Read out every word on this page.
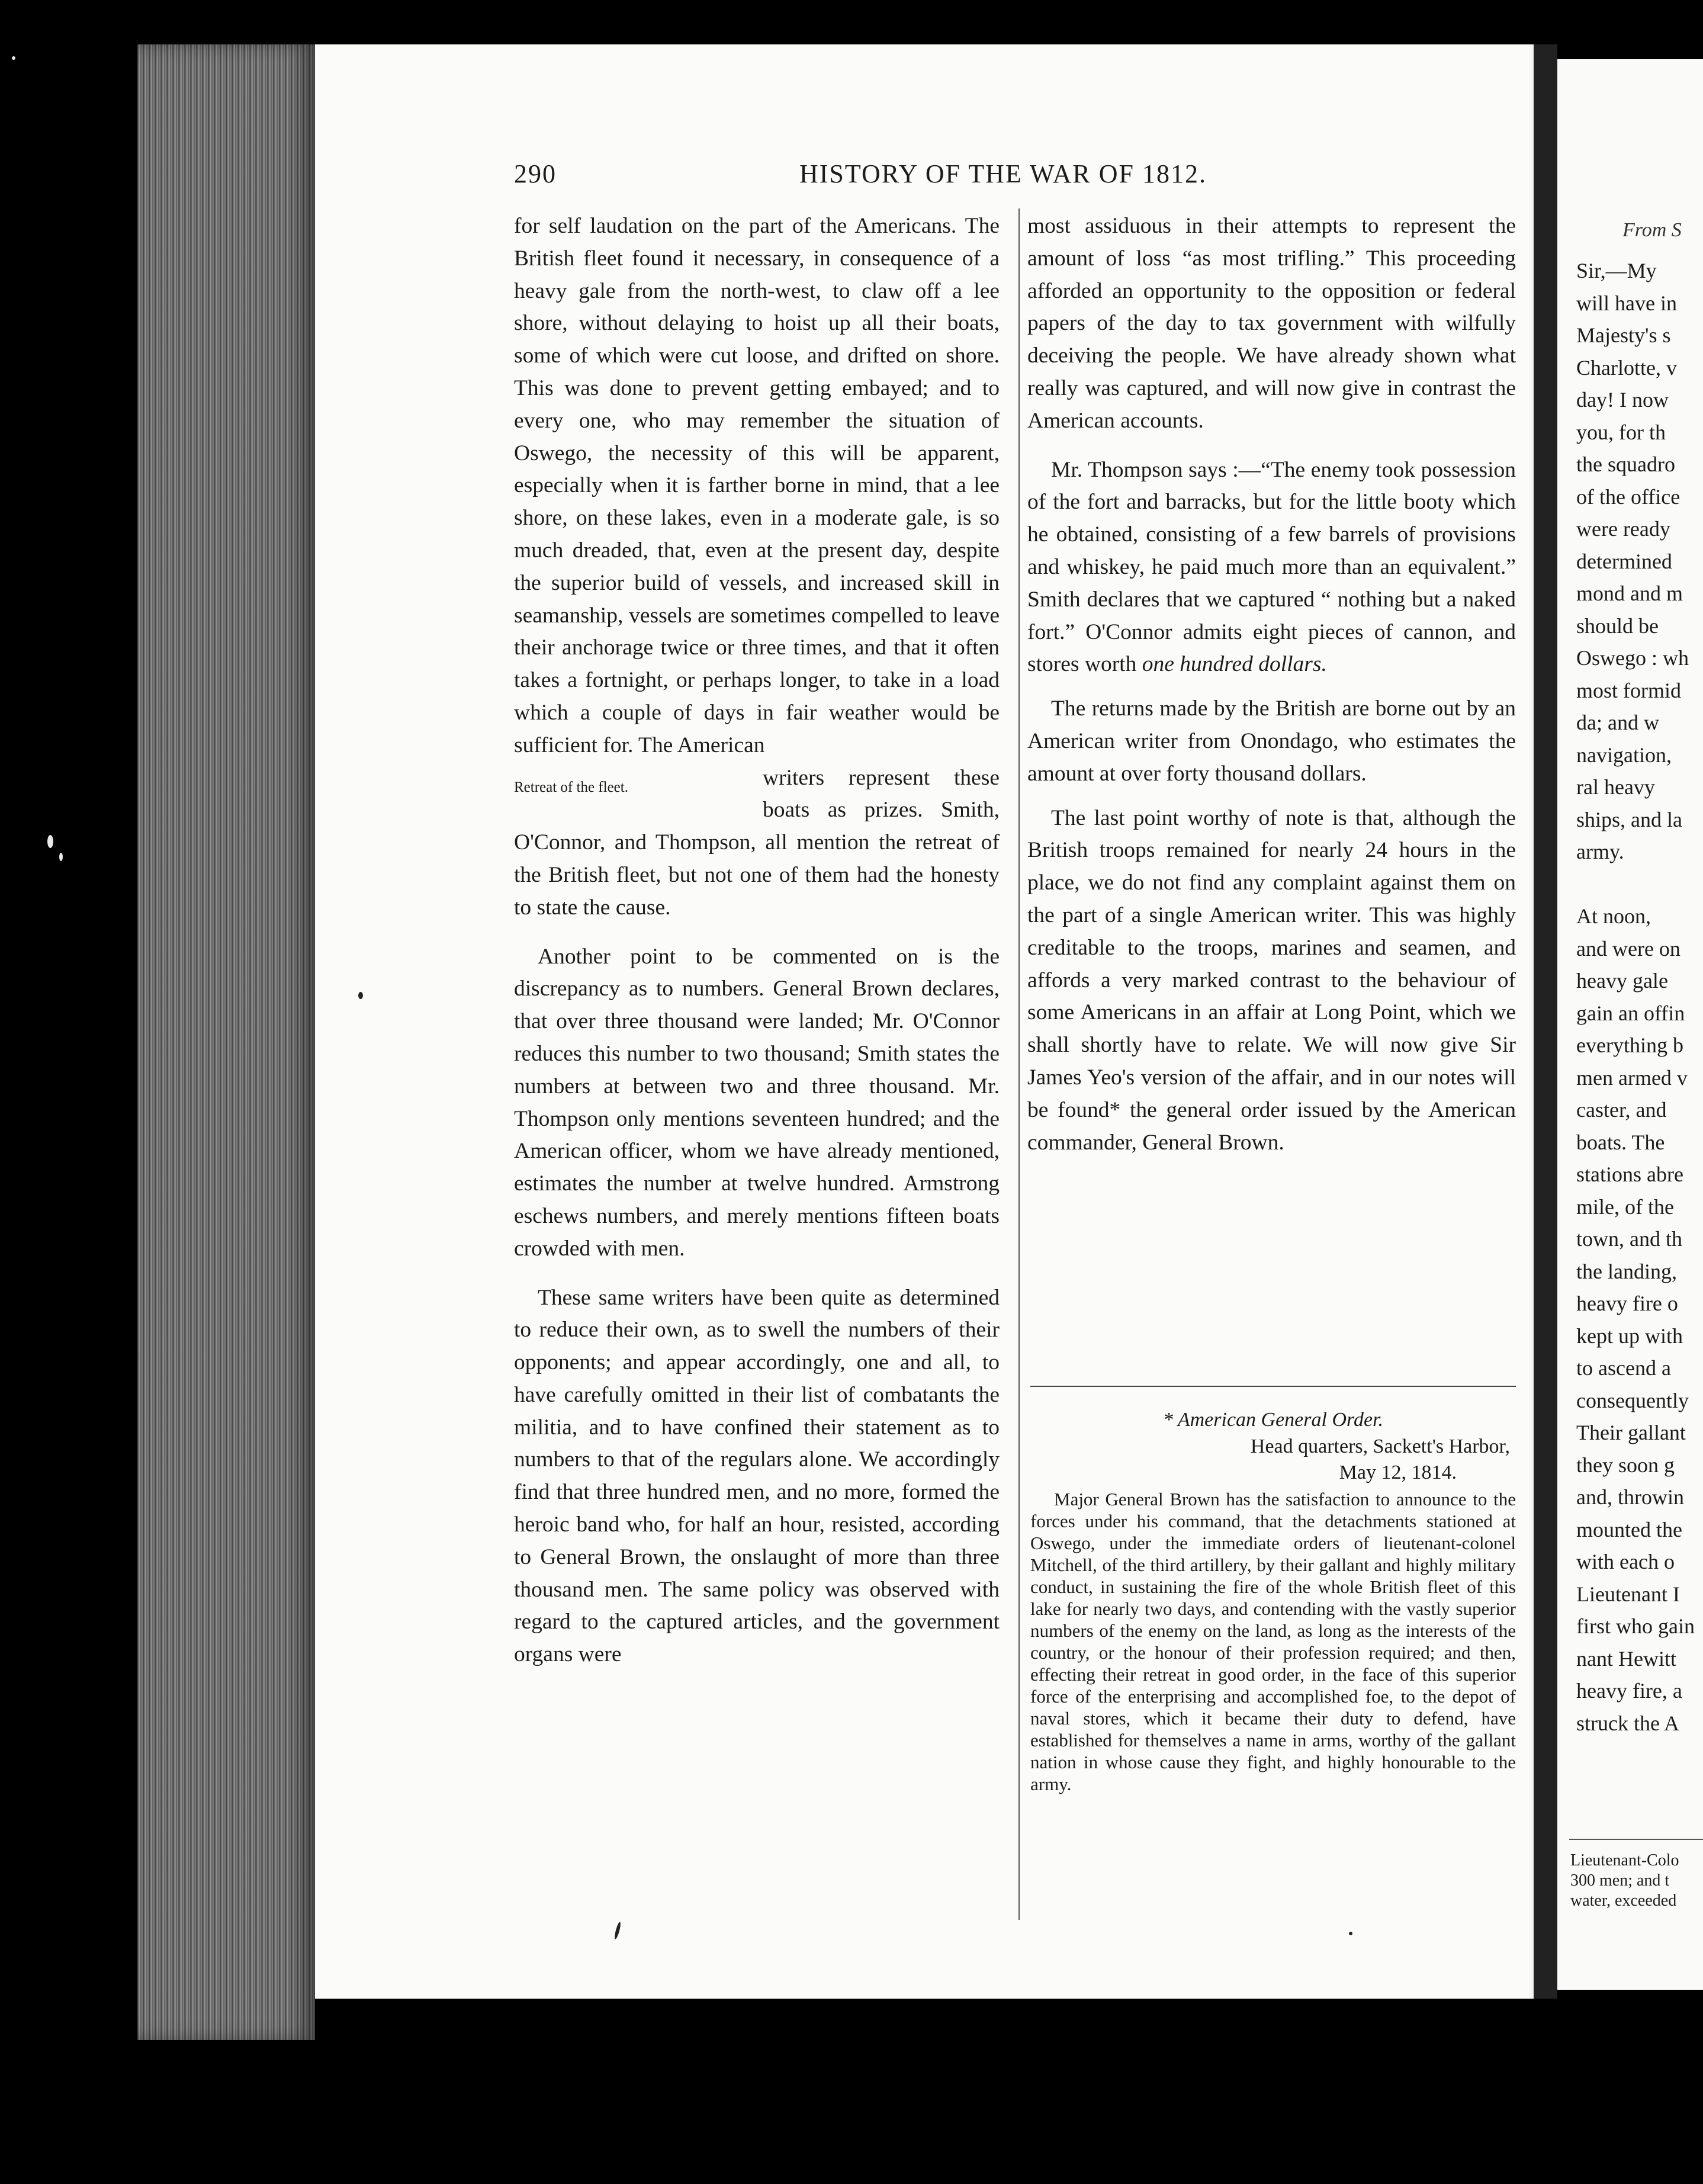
290	HISTORY OF THE WAR OF 1812.

for self laudation on the part of the Americans. The British fleet found it necessary, in consequence of a heavy gale from the north-west, to claw off a lee shore, without delaying to hoist up all their boats, some of which were cut loose, and drifted on shore. This was done to prevent getting embayed; and to every one, who may remember the situation of Oswego, the necessity of this will be apparent, especially when it is farther borne in mind, that a lee shore, on these lakes, even in a moderate gale, is so much dreaded, that, even at the present day, despite the superior build of vessels, and increased skill in seamanship, vessels are sometimes compelled to leave their anchorage twice or three times, and that it often takes a fortnight, or perhaps longer, to take in a load which a couple of days in fair weather would be sufficient for. The American

Retreat of the fleet.	writers represent these
boats as prizes. Smith,

O'Connor, and Thompson, all mention the retreat of the British fleet, but not one of them had the honesty to state the cause.

Another point to be commented on is the discrepancy as to numbers. General Brown declares, that over three thousand were landed; Mr. O'Connor reduces this number to two thousand; Smith states the numbers at between two and three thousand. Mr. Thompson only mentions seventeen hundred; and the American officer, whom we have already mentioned, estimates the number at twelve hundred. Armstrong eschews numbers, and merely mentions fifteen boats crowded with men.

These same writers have been quite as determined to reduce their own, as to swell the numbers of their opponents; and appear accordingly, one and all, to have carefully omitted in their list of combatants the militia, and to have confined their statement as to numbers to that of the regulars alone. We accordingly find that three hundred men, and no more, formed the heroic band who, for half an hour, resisted, according to General Brown, the onslaught of more than three thousand men. The same policy was observed with regard to the captured articles, and the government organs were

most assiduous in their attempts to represent the amount of loss “as most trifling.” This proceeding afforded an opportunity to the opposition or federal papers of the day to tax government with wilfully deceiving the people. We have already shown what really was captured, and will now give in contrast the American accounts.

Mr. Thompson says :—“The enemy took possession of the fort and barracks, but for the little booty which he obtained, consisting of a few barrels of provisions and whiskey, he paid much more than an equivalent.” Smith declares that we captured “ nothing but a naked fort.” O'Connor admits eight pieces of cannon, and stores worth one hundred dollars.

The returns made by the British are borne out by an American writer from Onondago, who estimates the amount at over forty thousand dollars.

The last point worthy of note is that, although the British troops remained for nearly 24 hours in the place, we do not find any complaint against them on the part of a single American writer. This was highly creditable to the troops, marines and seamen, and affords a very marked contrast to the behaviour of some Americans in an affair at Long Point, which we shall shortly have to relate. We will now give Sir James Yeo's version of the affair, and in our notes will be found* the general order issued by the American commander, General Brown.

* American General Order.
Head quarters, Sackett's Harbor,
May 12, 1814.
Major General Brown has the satisfaction to announce to the forces under his command, that the detachments stationed at Oswego, under the immediate orders of lieutenant-colonel Mitchell, of the third artillery, by their gallant and highly military conduct, in sustaining the fire of the whole British fleet of this lake for nearly two days, and contending with the vastly superior numbers of the enemy on the land, as long as the interests of the country, or the honour of their profession required; and then, effecting their retreat in good order, in the face of this superior force of the enterprising and accomplished foe, to the depot of naval stores, which it became their duty to defend, have established for themselves a name in arms, worthy of the gallant nation in whose cause they fight, and highly honourable to the army.
From S
Sir,—My
will have in
Majesty's s
Charlotte, v
day! I now
you, for th
the squadro
of the office
were ready
determined
mond and m
should be
Oswego : wh
most formid
da; and w
navigation,
ral heavy
ships, and la
army.

At noon,
and were on
heavy gale
gain an offin
everything b
men armed v
caster, and
boats. The
stations abre
mile, of the
town, and th
the landing,
heavy fire o
kept up with
to ascend a
consequently
Their gallant
they soon g
and, throwin
mounted the
with each o
Lieutenant I
first who gain
nant Hewitt
heavy fire, a
struck the A
Lieutenant-Colo
300 men; and t
water, exceeded
